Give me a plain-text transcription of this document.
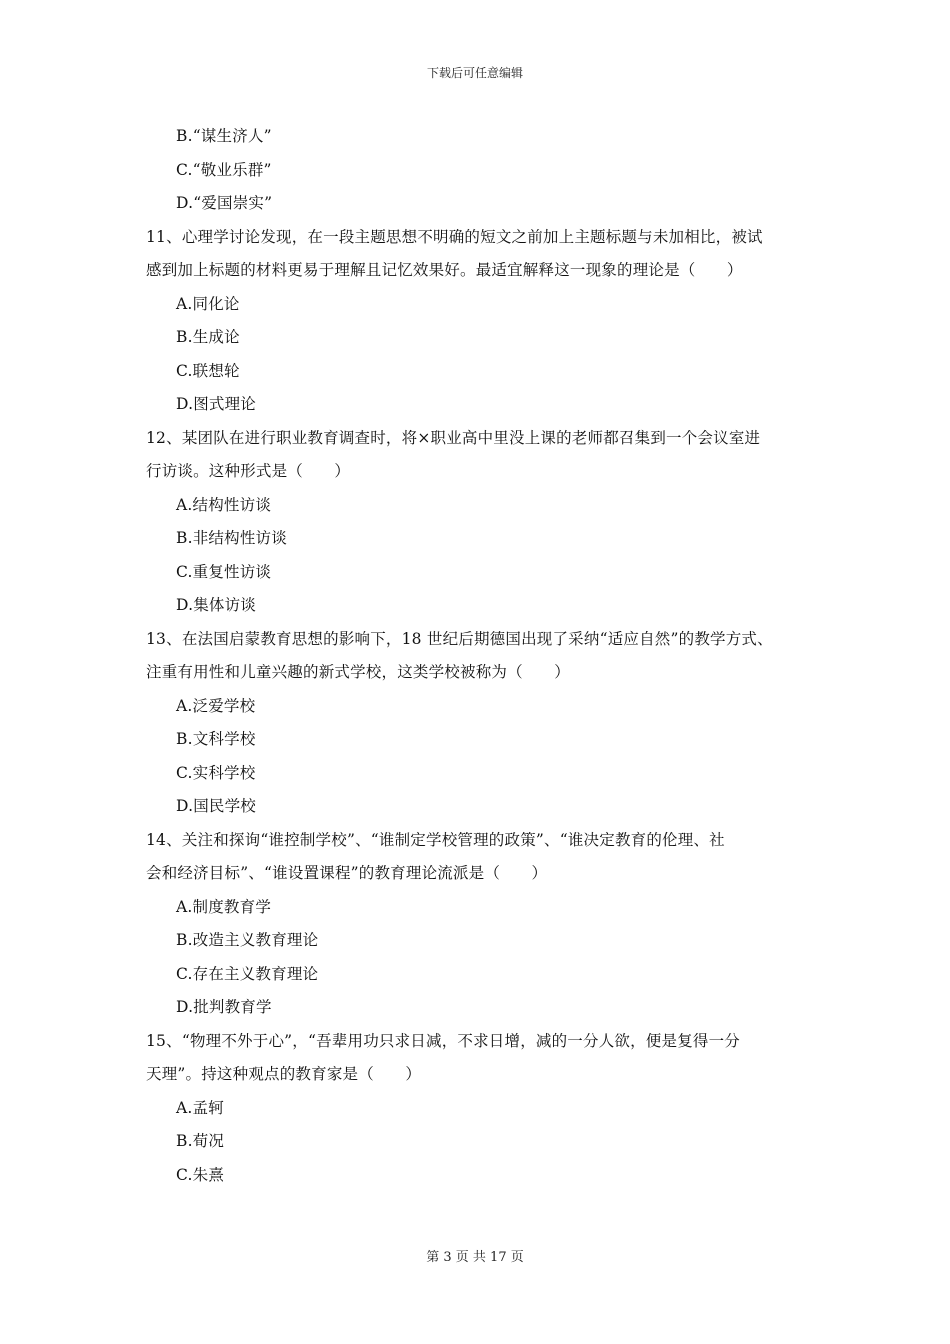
下载后可任意编辑
B.“谋生济人”
C.“敬业乐群”
D.“爱国崇实”
11、心理学讨论发现，在一段主题思想不明确的短文之前加上主题标题与未加相比，被试
感到加上标题的材料更易于理解且记忆效果好。最适宜解释这一现象的理论是（　　）
A.同化论
B.生成论
C.联想轮
D.图式理论
12、某团队在进行职业教育调查时，将×职业高中里没上课的老师都召集到一个会议室进
行访谈。这种形式是（　　）
A.结构性访谈
B.非结构性访谈
C.重复性访谈
D.集体访谈
13、在法国启蒙教育思想的影响下，18 世纪后期德国出现了采纳“适应自然”的教学方式、
注重有用性和儿童兴趣的新式学校，这类学校被称为（　　）
A.泛爱学校
B.文科学校
C.实科学校
D.国民学校
14、关注和探询“谁控制学校”、“谁制定学校管理的政策”、“谁决定教育的伦理、社
会和经济目标”、“谁设置课程”的教育理论流派是（　　）
A.制度教育学
B.改造主义教育理论
C.存在主义教育理论
D.批判教育学
15、“物理不外于心”，“吾辈用功只求日减，不求日增，减的一分人欲，便是复得一分
天理”。持这种观点的教育家是（　　）
A.孟轲
B.荀况
C.朱熹
第 3 页 共 17 页
